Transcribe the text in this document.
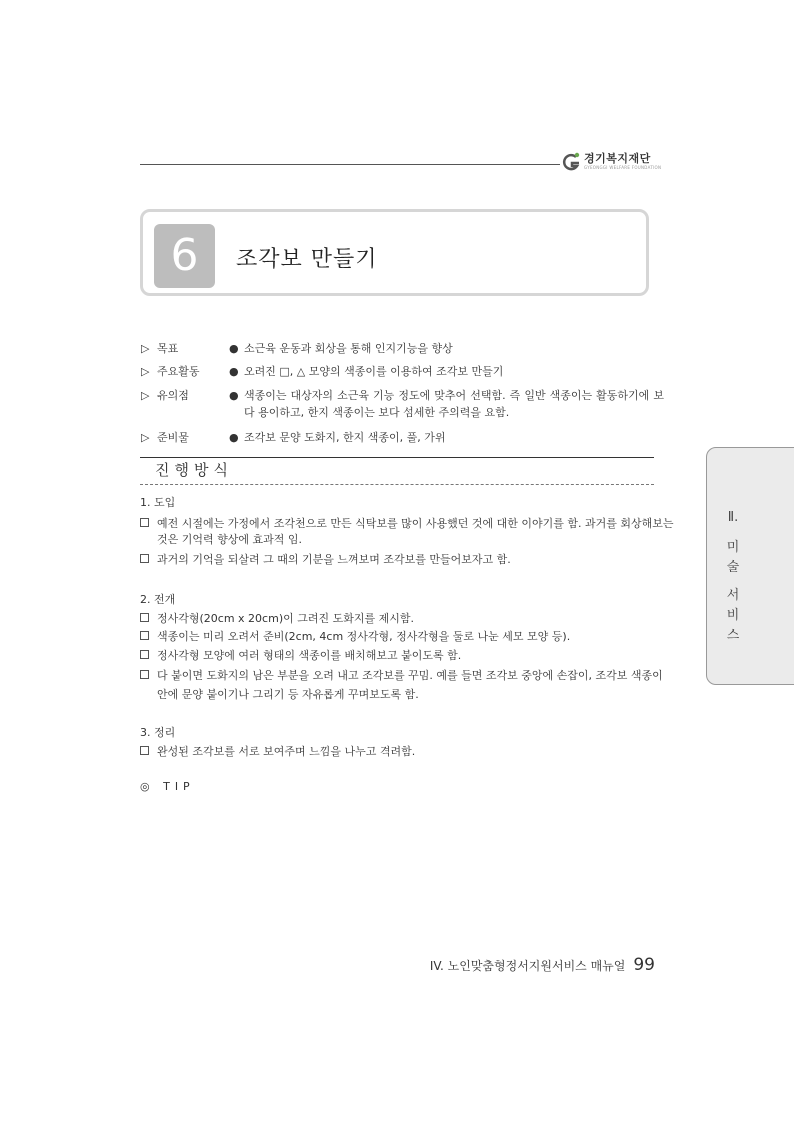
경기복지재단
GYEONGGI WELFARE FOUNDATION
6	조각보 만들기
▷ 목표	● 소근육 운동과 회상을 통해 인지기능을 향상
▷ 주요활동	● 오려진 □, △ 모양의 색종이를 이용하여 조각보 만들기
▷ 유의점	● 색종이는 대상자의 소근육 기능 정도에 맞추어 선택함. 즉 일반 색종이는 활동하기에 보다 용이하고, 한지 색종이는 보다 섬세한 주의력을 요함.
▷ 준비물	● 조각보 문양 도화지, 한지 색종이, 풀, 가위
진행방식
1. 도입
예전 시절에는 가정에서 조각천으로 만든 식탁보를 많이 사용했던 것에 대한 이야기를 함. 과거를 회상해보는
것은 기억력 향상에 효과적 임.
과거의 기억을 되살려 그 때의 기분을 느껴보며 조각보를 만들어보자고 함.
2. 전개
정사각형(20cm x 20cm)이 그려진 도화지를 제시함.
색종이는 미리 오려서 준비(2cm, 4cm 정사각형, 정사각형을 둘로 나눈 세모 모양 등).
정사각형 모양에 여러 형태의 색종이를 배치해보고 붙이도록 함.
다 붙이면 도화지의 남은 부분을 오려 내고 조각보를 꾸밈. 예를 들면 조각보 중앙에 손잡이, 조각보 색종이
안에 문양 붙이기나 그리기 등 자유롭게 꾸며보도록 함.
3. 정리
완성된 조각보를 서로 보여주며 느낌을 나누고 격려함.
◎ TIP
Ⅱ.
미
술
서
비
스
IV. 노인맞춤형정서지원서비스 매뉴얼 99
